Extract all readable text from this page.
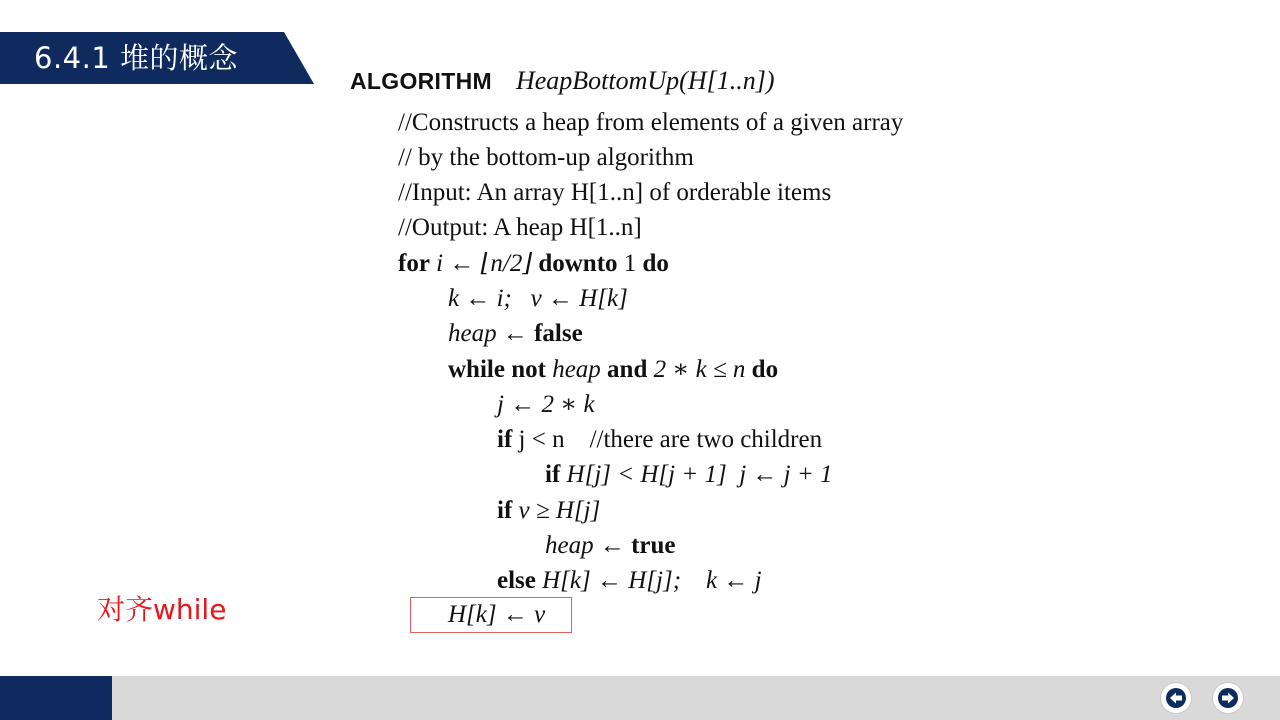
6.4.1 堆的概念
ALGORITHM HeapBottomUp(H[1..n])
//Constructs a heap from elements of a given array
// by the bottom-up algorithm
//Input: An array H[1..n] of orderable items
//Output: A heap H[1..n]
for i ← ⌊n/2⌋ downto 1 do
k ← i;   v ← H[k]
heap ← false
while not heap and 2 ∗ k ≤ n do
j ← 2 ∗ k
if j < n    //there are two children
if H[j] < H[j + 1]  j ← j + 1
if v ≥ H[j]
heap ← true
else H[k] ← H[j];    k ← j
H[k] ← v
对齐while
